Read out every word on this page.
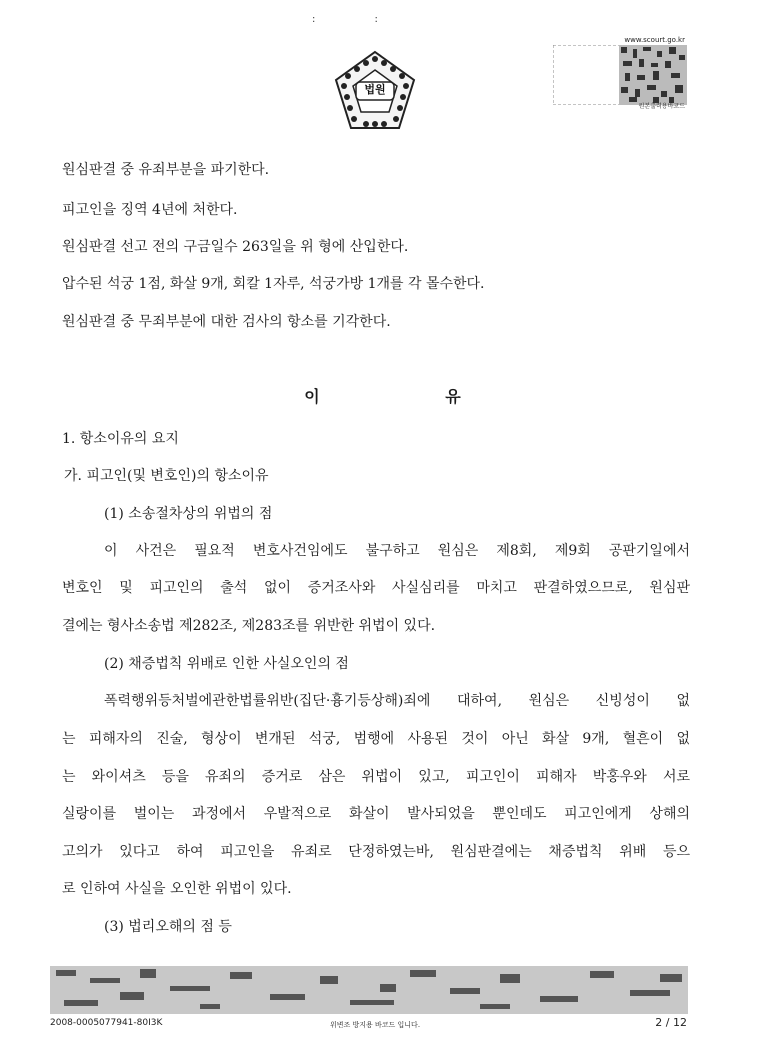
: :
법원
www.scourt.go.kr
원본출력용바코드
원심판결 중 유죄부분을 파기한다.
피고인을 징역 4년에 처한다.
원심판결 선고 전의 구금일수 263일을 위 형에 산입한다.
압수된 석궁 1점, 화살 9개, 회칼 1자루, 석궁가방 1개를 각 몰수한다.
원심판결 중 무죄부분에 대한 검사의 항소를 기각한다.
이 유
1. 항소이유의 요지
가. 피고인(및 변호인)의 항소이유
(1) 소송절차상의 위법의 점
이 사건은 필요적 변호사건임에도 불구하고 원심은 제8회, 제9회 공판기일에서
변호인 및 피고인의 출석 없이 증거조사와 사실심리를 마치고 판결하였으므로, 원심판
결에는 형사소송법 제282조, 제283조를 위반한 위법이 있다.
(2) 채증법칙 위배로 인한 사실오인의 점
폭력행위등처벌에관한법률위반(집단·흉기등상해)죄에 대하여, 원심은 신빙성이 없
는 피해자의 진술, 형상이 변개된 석궁, 범행에 사용된 것이 아닌 화살 9개, 혈흔이 없
는 와이셔츠 등을 유죄의 증거로 삼은 위법이 있고, 피고인이 피해자 박홍우와 서로
실랑이를 벌이는 과정에서 우발적으로 화살이 발사되었을 뿐인데도 피고인에게 상해의
고의가 있다고 하여 피고인을 유죄로 단정하였는바, 원심판결에는 채증법칙 위배 등으
로 인하여 사실을 오인한 위법이 있다.
(3) 법리오해의 점 등
2008-0005077941-80I3K	위변조 방지용 바코드 입니다.	2 / 12
